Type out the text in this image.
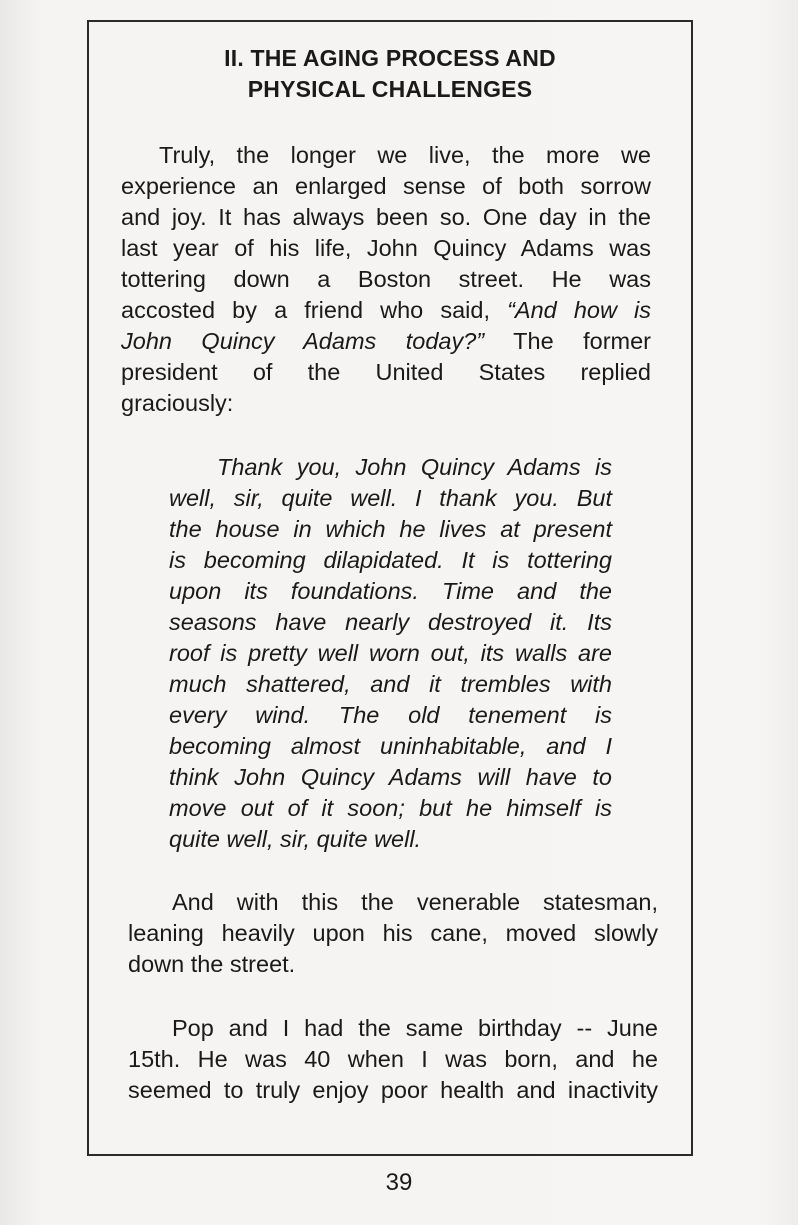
II. THE AGING PROCESS AND
PHYSICAL CHALLENGES
Truly, the longer we live, the more we
experience an enlarged sense of both sorrow
and joy. It has always been so. One day in the
last year of his life, John Quincy Adams was
tottering down a Boston street. He was
accosted by a friend who said, “And how is
John Quincy Adams today?” The former
president of the United States replied
graciously:
Thank you, John Quincy Adams is
well, sir, quite well. I thank you. But
the house in which he lives at present
is becoming dilapidated. It is tottering
upon its foundations. Time and the
seasons have nearly destroyed it. Its
roof is pretty well worn out, its walls are
much shattered, and it trembles with
every wind. The old tenement is
becoming almost uninhabitable, and I
think John Quincy Adams will have to
move out of it soon; but he himself is
quite well, sir, quite well.
And with this the venerable statesman,
leaning heavily upon his cane, moved slowly
down the street.
Pop and I had the same birthday -- June
15th. He was 40 when I was born, and he
seemed to truly enjoy poor health and inactivity
39
